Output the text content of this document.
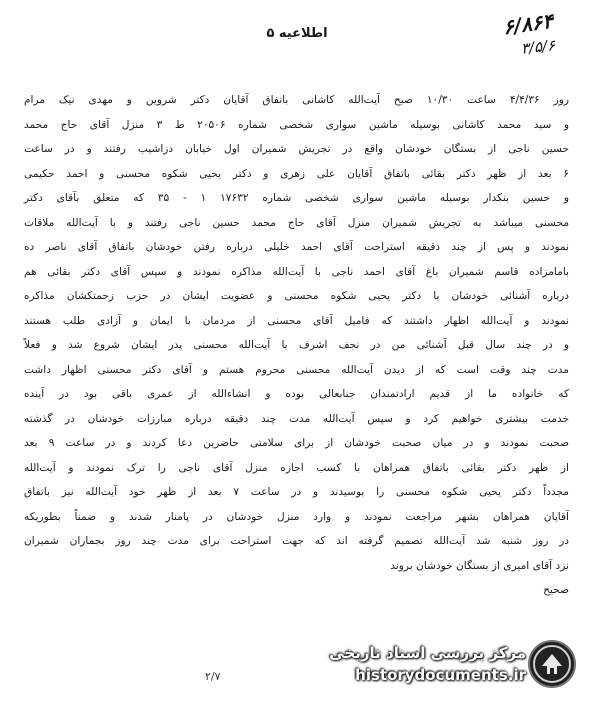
۶/۸۶۴
۳/۵/۶
اطلاعیه ۵

روز ۴/۴/۳۶ ساعت ۱۰/۳۰ صبح آیت‌الله کاشانی باتفاق آقایان دکتر شروین و مهدی نیک مرام

و سید محمد کاشانی بوسیله ماشین سواری شخصی شماره ۲۰۵۰۶ ط ۳ منزل آقای حاج محمد

حسین ناجی از بستگان خودشان واقع در تجریش شمیران اول خیابان دزاشیب رفتند و در ساعت

۶ بعد از ظهر دکتر بقائی باتفاق آقایان علی زهری و دکتر یحیی شکوه محسنی و احمد حکیمی

و حسین بنکدار بوسیله ماشین سواری شخصی شماره ۱۷۶۳۲ ۱ - ۳۵ که متعلق بآقای دکتر

محسنی میباشد به تجریش شمیران منزل آقای حاج محمد حسین ناجی رفتند و با آیت‌الله ملاقات

نمودند و پس از چند دقیقه استراحت آقای احمد خلیلی درباره رفتن خودشان باتفاق آقای ناصر ده

بامامزاده قاسم شمیران باغ آقای احمد ناجی با آیت‌الله مذاکره نمودند و سپس آقای دکتر بقائی هم

درباره آشنائی خودشان با دکتر یحیی شکوه محسنی و عضویت ایشان در حزب زحمتکشان مذاکره

نمودند و آیت‌الله اظهار داشتند که فامیل آقای محسنی از مردمان با ایمان و آزادی طلب هستند

و در چند سال قبل آشنائی من در نجف اشرف با آیت‌الله محسنی پدر ایشان شروع شد و فعلاً

مدت چند وقت است که از دیدن آیت‌الله محسنی محروم هستم و آقای دکتر محسنی اظهار داشت

که خانواده ما از قدیم ارادتمندان جنابعالی بوده و انشاءالله از عمری باقی بود در آینده

خدمت بیشتری خواهیم کرد و سپس آیت‌الله مدت چند دقیقه درباره مبارزات خودشان در گذشته

صحبت نمودند و در میان صحبت خودشان از برای سلامتی حاضرین دعا کردند و در ساعت ۹ بعد

از ظهر دکتر بقائی باتفاق همراهان با کسب اجازه منزل آقای ناجی را ترک نمودند و آیت‌الله

مجدداً دکتر یحیی شکوه محسنی را بوسیدند و در ساعت ۷ بعد از ظهر خود آیت‌الله نیز باتفاق

آقایان همراهان بشهر مراجعت نمودند و وارد منزل خودشان در پامنار شدند و ضمناً بطوریکه

در روز شنبه شد آیت‌الله تصمیم گرفته اند که جهت استراحت برای مدت چند روز بجماران شمیران

نزد آقای امیری از بستگان خودشان بروند

صحیح

۲/۷
مرکز بررسی اسناد تاریخی
historydocuments.ir
